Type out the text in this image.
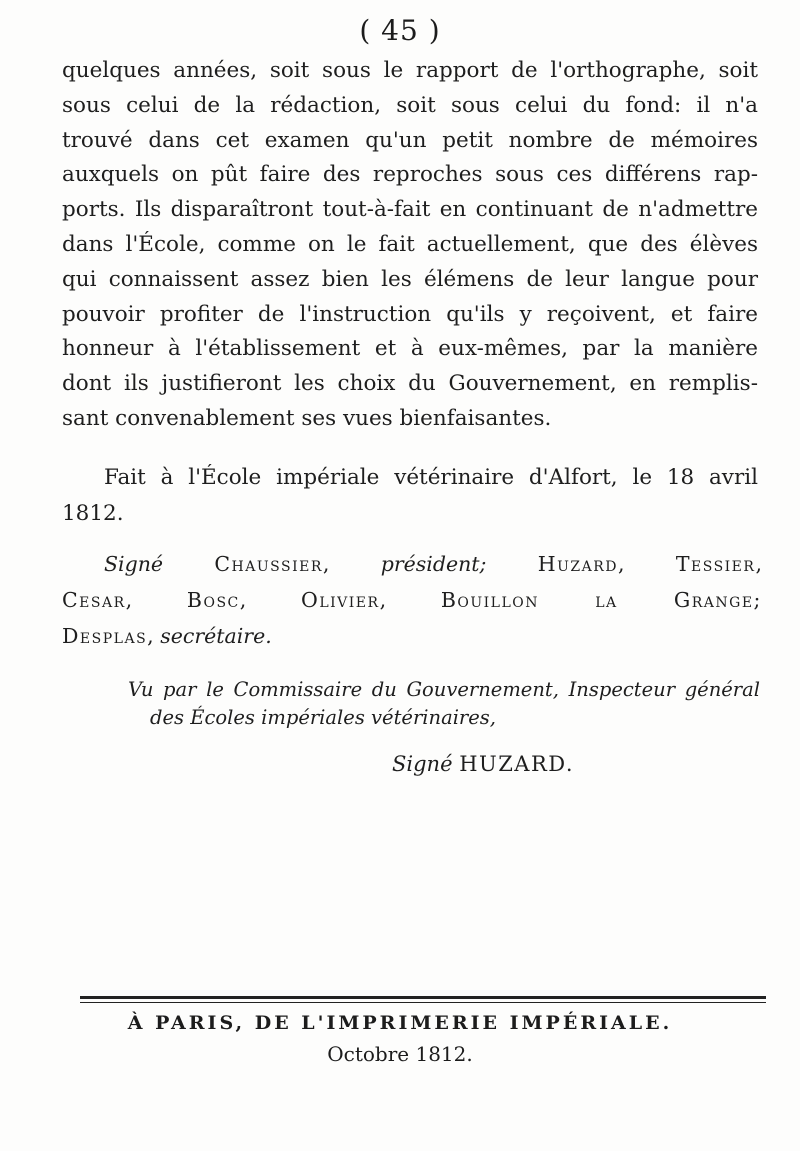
( 45 )
quelques années, soit sous le rapport de l'orthographe, soit
sous celui de la rédaction, soit sous celui du fond: il n'a
trouvé dans cet examen qu'un petit nombre de mémoires
auxquels on pût faire des reproches sous ces différens rap-
ports. Ils disparaîtront tout-à-fait en continuant de n'admettre
dans l'École, comme on le fait actuellement, que des élèves
qui connaissent assez bien les élémens de leur langue pour
pouvoir profiter de l'instruction qu'ils y reçoivent, et faire
honneur à l'établissement et à eux-mêmes, par la manière
dont ils justifieront les choix du Gouvernement, en remplis-
sant convenablement ses vues bienfaisantes.
Fait à l'École impériale vétérinaire d'Alfort, le 18 avril
1812.
Signé	Chaussier, président;	Huzard, Tessier,
Cesar, Bosc, Olivier, Bouillon la Grange;
Desplas, secrétaire.
Vu par le Commissaire du Gouvernement, Inspecteur général
des Écoles impériales vétérinaires,
Signé HUZARD.
À PARIS, DE L'IMPRIMERIE IMPÉRIALE.
Octobre 1812.
